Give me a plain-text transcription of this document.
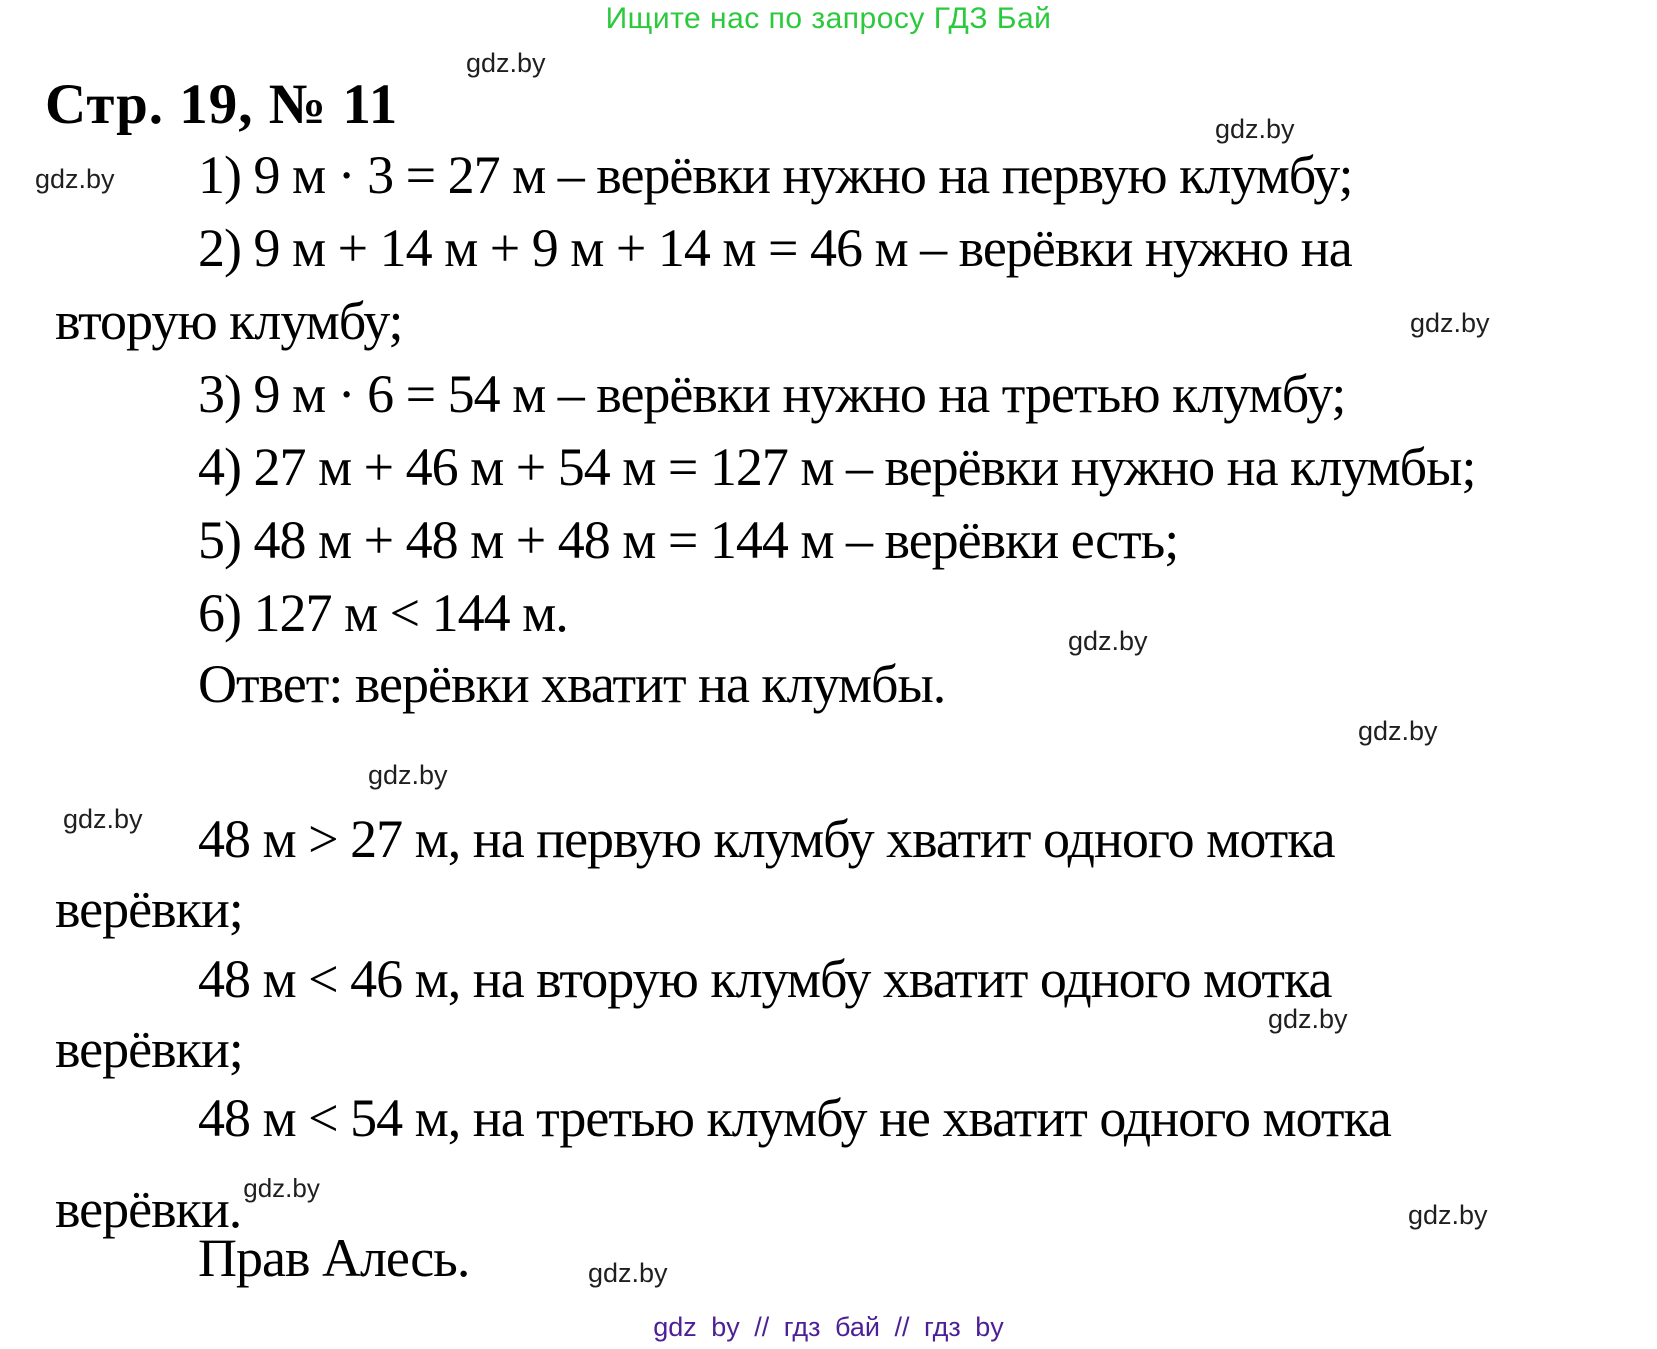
Ищите нас по запросу ГДЗ Бай
Стр. 19, № 11
1) 9 м · 3 = 27 м – верёвки нужно на первую клумбу;
2) 9 м + 14 м + 9 м + 14 м = 46 м – верёвки нужно на
вторую клумбу;
3) 9 м · 6 = 54 м – верёвки нужно на третью клумбу;
4) 27 м + 46 м + 54 м = 127 м – верёвки нужно на клумбы;
5) 48 м + 48 м + 48 м = 144 м – верёвки есть;
6) 127 м < 144 м.
Ответ: верёвки хватит на клумбы.
48 м > 27 м, на первую клумбу хватит одного мотка
верёвки;
48 м < 46 м, на вторую клумбу хватит одного мотка
верёвки;
48 м < 54 м, на третью клумбу не хватит одного мотка
верёвки.$^{gdz.by}$
Прав Алесь.
gdz.by
gdz.by
gdz.by
gdz.by
gdz.by
gdz.by
gdz.by
gdz.by
gdz.by
gdz.by
gdz.by
gdz by // гдз бай // гдз by
